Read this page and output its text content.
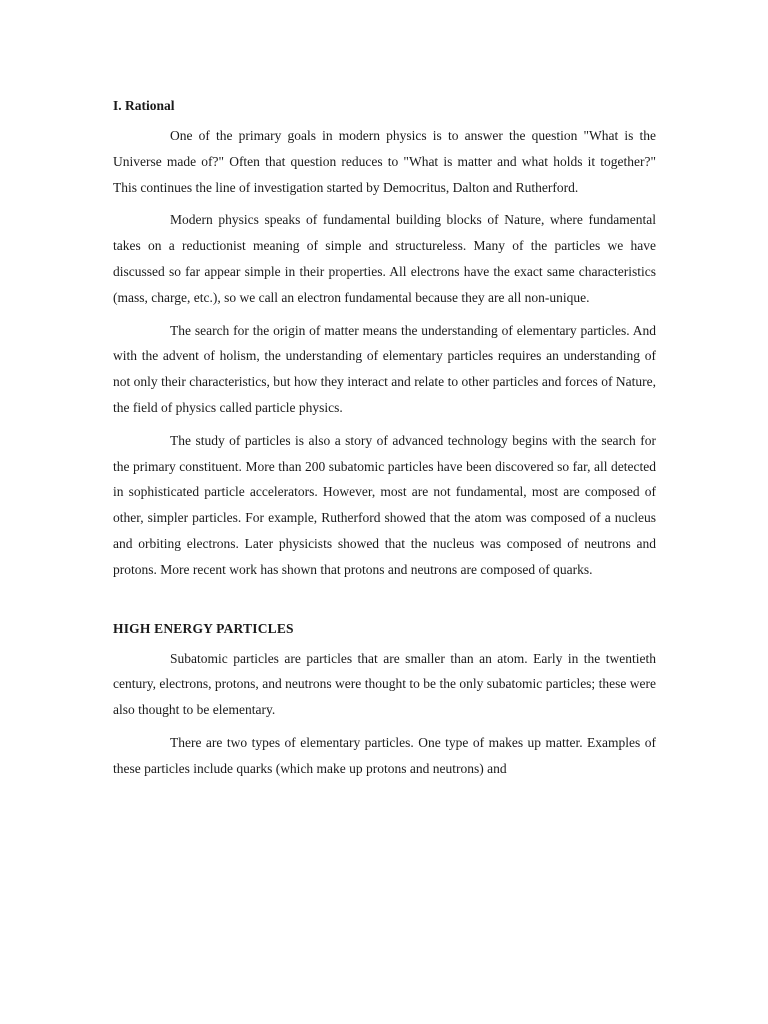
I. Rational

One of the primary goals in modern physics is to answer the question "What is the Universe made of?" Often that question reduces to "What is matter and what holds it together?" This continues the line of investigation started by Democritus, Dalton and Rutherford.

Modern physics speaks of fundamental building blocks of Nature, where fundamental takes on a reductionist meaning of simple and structureless. Many of the particles we have discussed so far appear simple in their properties. All electrons have the exact same characteristics (mass, charge, etc.), so we call an electron fundamental because they are all non-unique.

The search for the origin of matter means the understanding of elementary particles. And with the advent of holism, the understanding of elementary particles requires an understanding of not only their characteristics, but how they interact and relate to other particles and forces of Nature, the field of physics called particle physics.

The study of particles is also a story of advanced technology begins with the search for the primary constituent. More than 200 subatomic particles have been discovered so far, all detected in sophisticated particle accelerators. However, most are not fundamental, most are composed of other, simpler particles. For example, Rutherford showed that the atom was composed of a nucleus and orbiting electrons. Later physicists showed that the nucleus was composed of neutrons and protons. More recent work has shown that protons and neutrons are composed of quarks.

HIGH ENERGY PARTICLES

Subatomic particles are particles that are smaller than an atom. Early in the twentieth century, electrons, protons, and neutrons were thought to be the only subatomic particles; these were also thought to be elementary.

There are two types of elementary particles. One type of makes up matter. Examples of these particles include quarks (which make up protons and neutrons) and
